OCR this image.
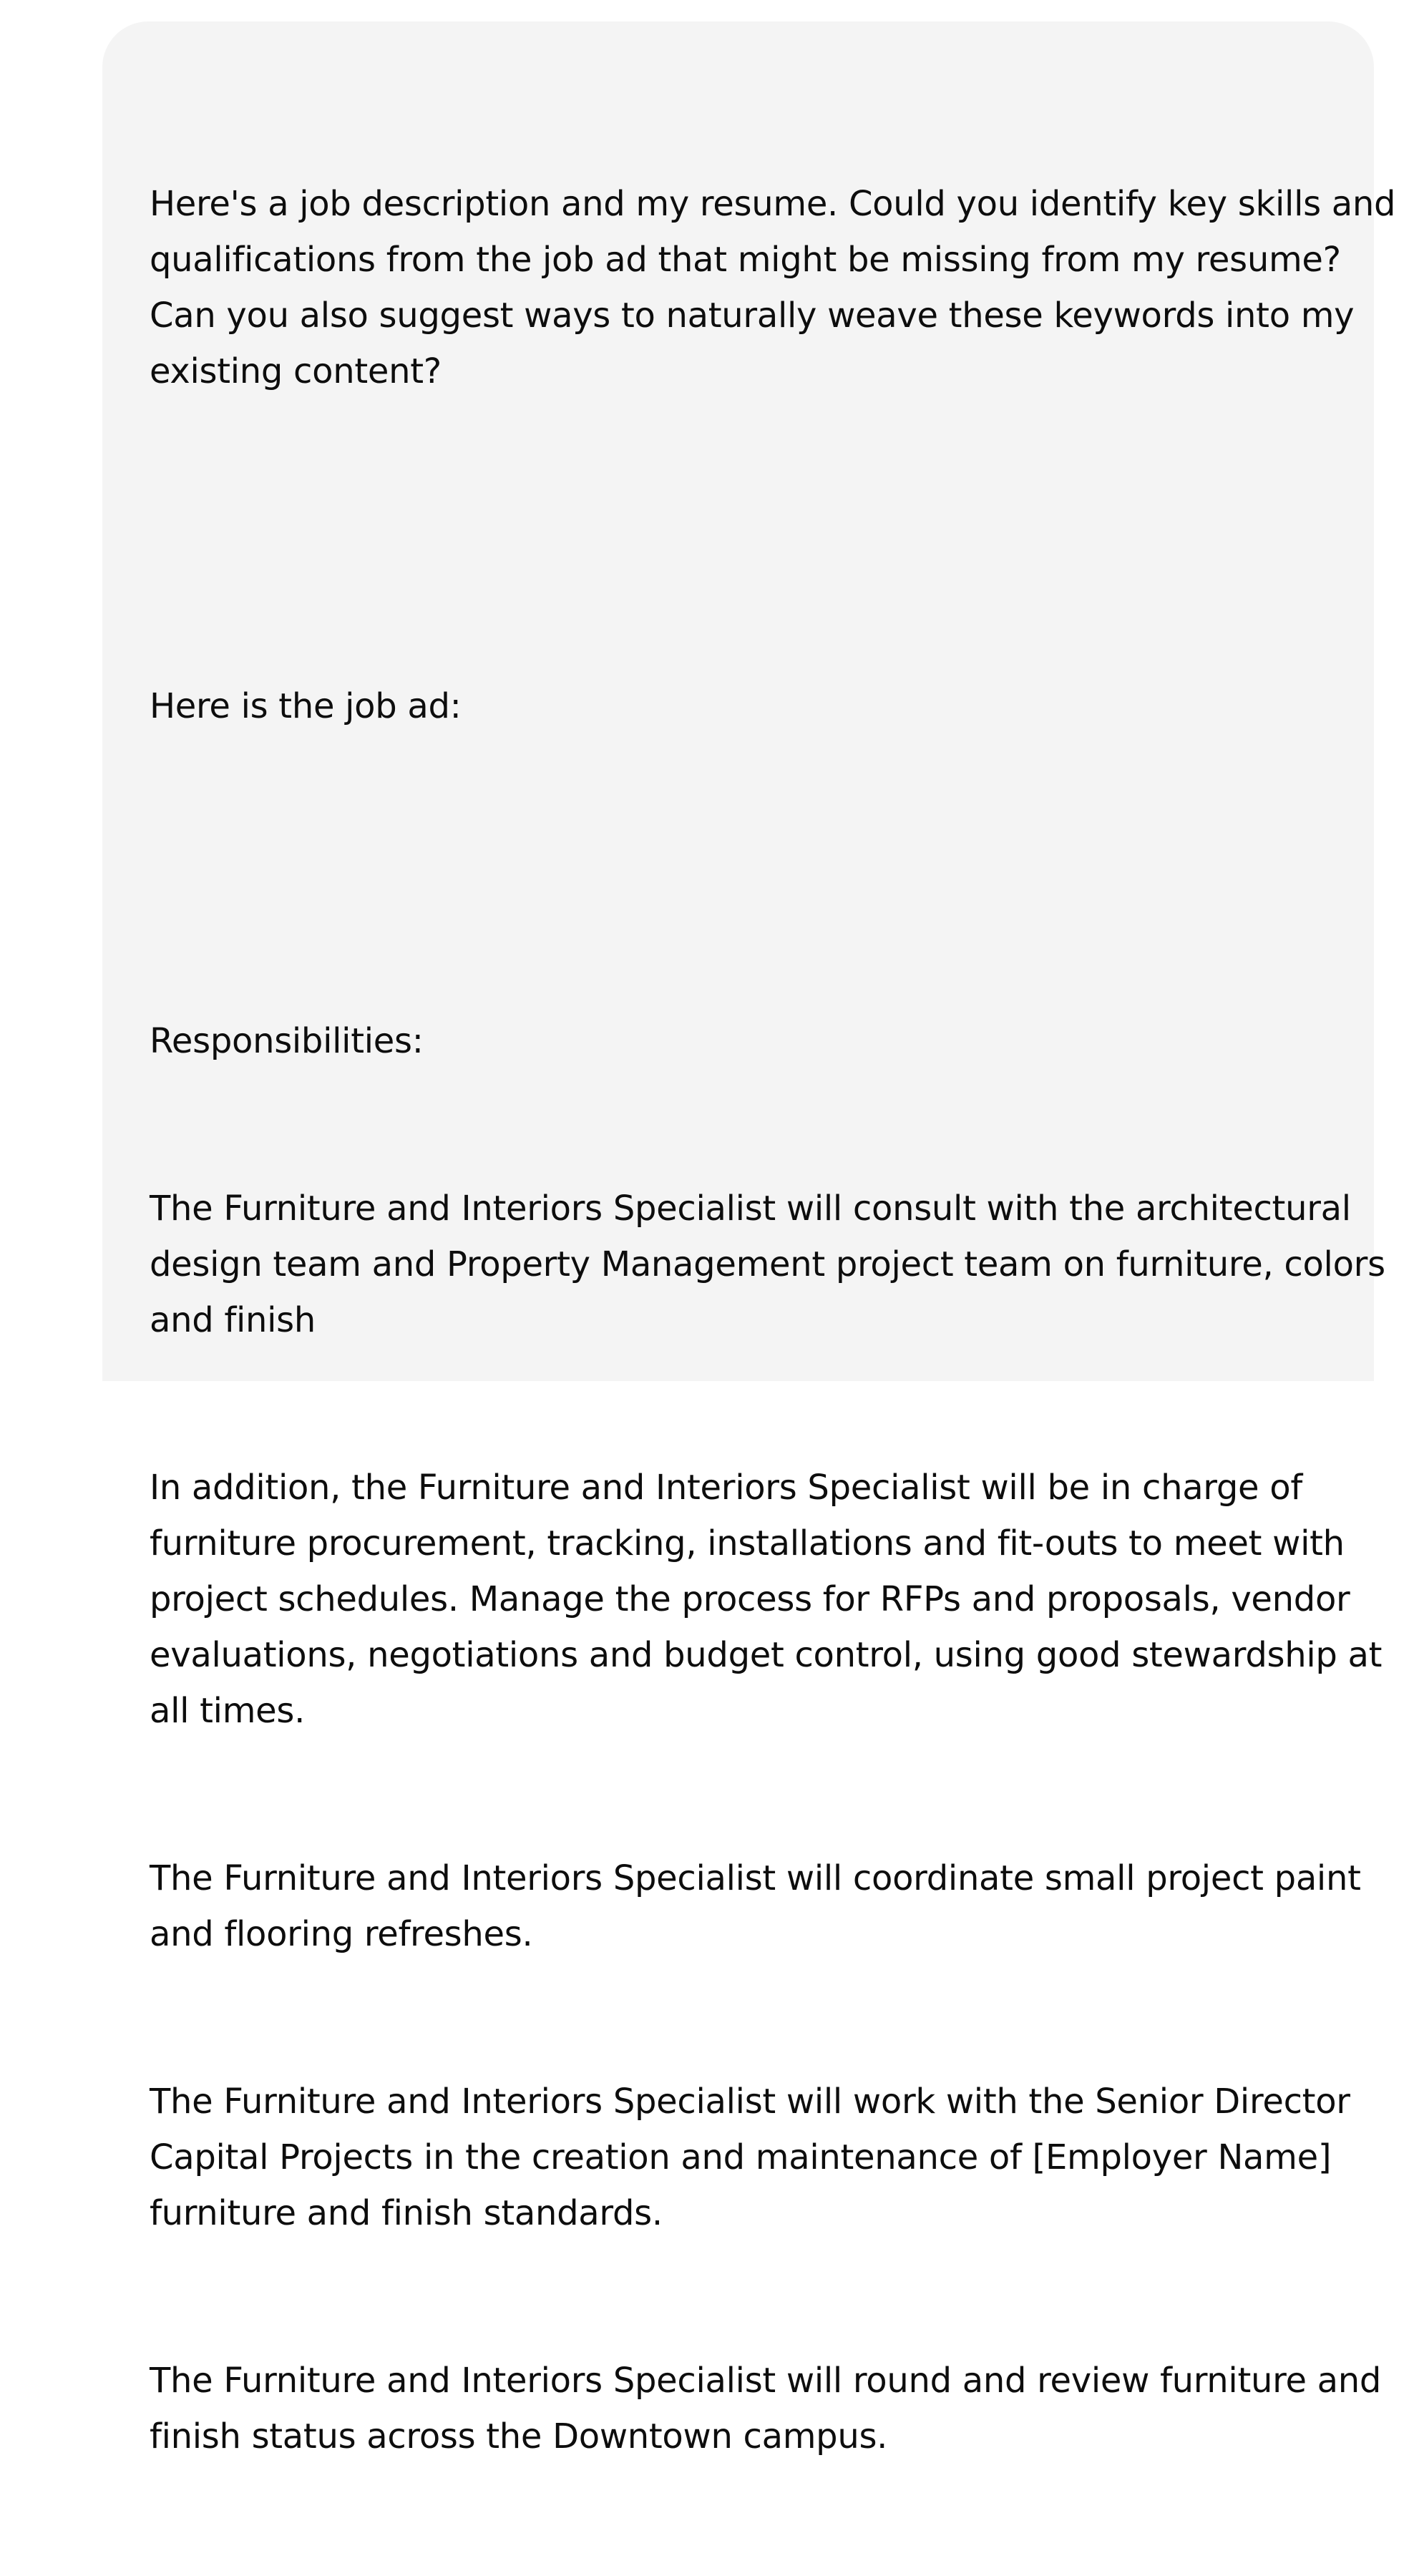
Here's a job description and my resume. Could you identify key skills and qualifications from the job ad that might be missing from my resume? Can you also suggest ways to naturally weave these keywords into my existing content?

Here is the job ad:

Responsibilities:

The Furniture and Interiors Specialist will consult with the architectural design team and Property Management project team on furniture, colors and finish

In addition, the Furniture and Interiors Specialist will be in charge of furniture procurement, tracking, installations and fit-outs to meet with project schedules. Manage the process for RFPs and proposals, vendor evaluations, negotiations and budget control, using good stewardship at all times.

The Furniture and Interiors Specialist will coordinate small project paint and flooring refreshes.

The Furniture and Interiors Specialist will work with the Senior Director Capital Projects in the creation and maintenance of [Employer Name] furniture and finish standards.

The Furniture and Interiors Specialist will round and review furniture and finish status across the Downtown campus.
